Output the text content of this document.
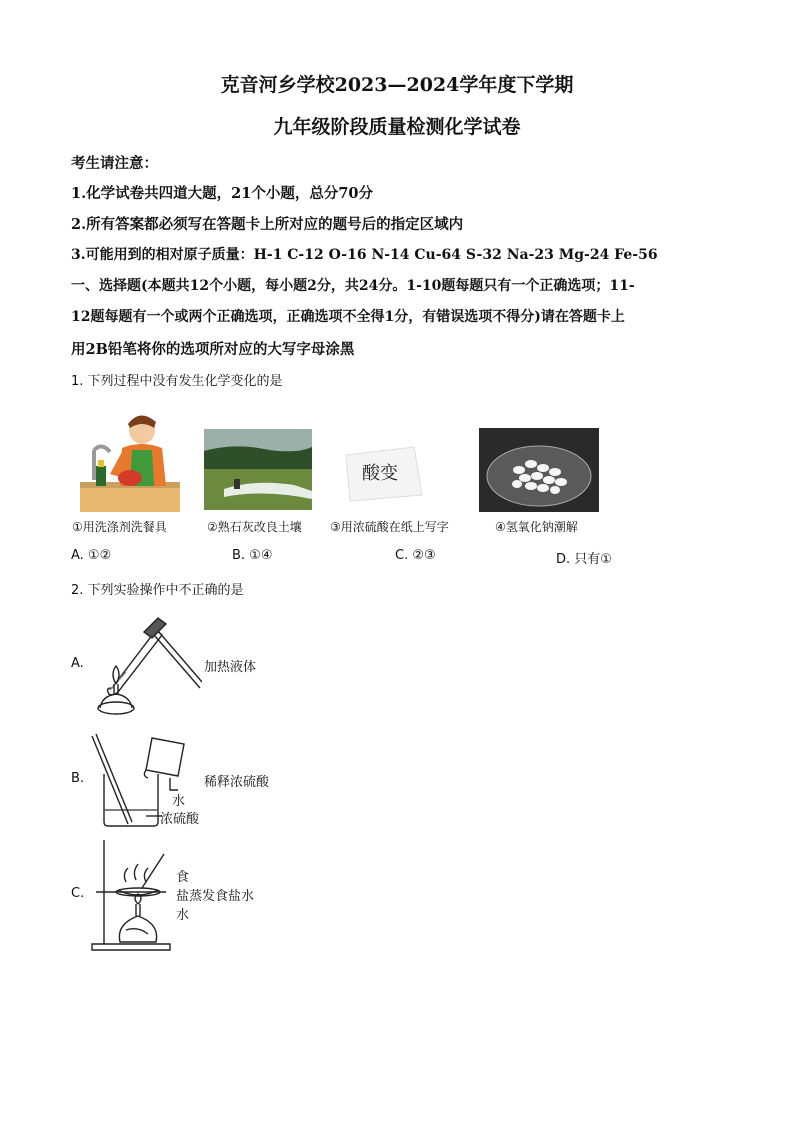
克音河乡学校2023—2024学年度下学期
九年级阶段质量检测化学试卷
考生请注意：
1.化学试卷共四道大题，21个小题，总分70分
2.所有答案都必须写在答题卡上所对应的题号后的指定区域内
3.可能用到的相对原子质量：H-1 C-12 O-16 N-14 Cu-64 S-32 Na-23 Mg-24 Fe-56
一、选择题(本题共12个小题，每小题2分，共24分。1-10题每题只有一个正确选项；11-
12题每题有一个或两个正确选项，正确选项不全得1分，有错误选项不得分)请在答题卡上
用2B铅笔将你的选项所对应的大写字母涂黑
1. 下列过程中没有发生化学变化的是
酸变
①用洗涤剂洗餐具	②熟石灰改良土壤 ③用浓硫酸在纸上写字	④氢氧化钠潮解
A. ①②	B. ①④	C. ②③	D. 只有①
2. 下列实验操作中不正确的是
A.	加热液体
B.	稀释浓硫酸
水
浓硫酸
C.
食
盐蒸发食盐水
水
